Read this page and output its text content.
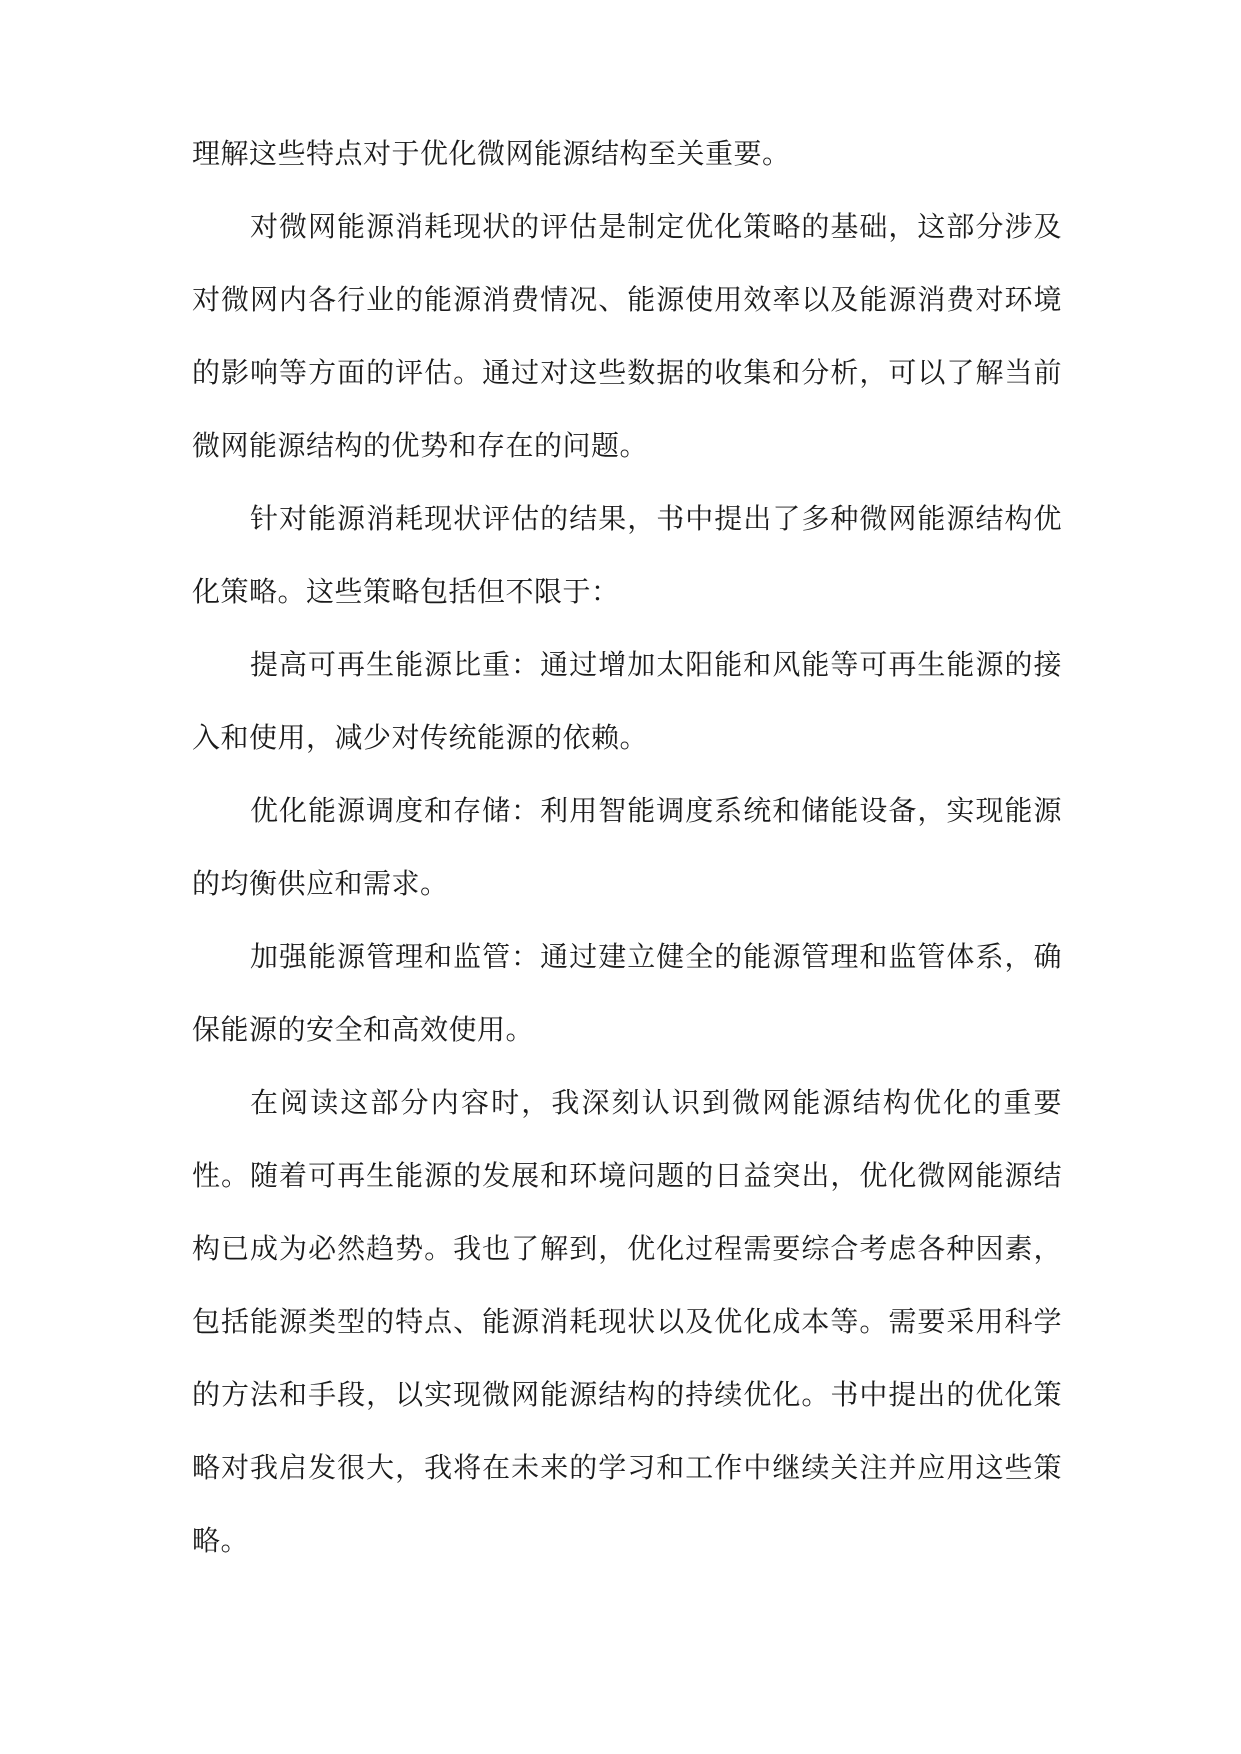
理解这些特点对于优化微网能源结构至关重要。

对微网能源消耗现状的评估是制定优化策略的基础，这部分涉及对微网内各行业的能源消费情况、能源使用效率以及能源消费对环境的影响等方面的评估。通过对这些数据的收集和分析，可以了解当前微网能源结构的优势和存在的问题。

针对能源消耗现状评估的结果，书中提出了多种微网能源结构优化策略。这些策略包括但不限于：

提高可再生能源比重：通过增加太阳能和风能等可再生能源的接入和使用，减少对传统能源的依赖。

优化能源调度和存储：利用智能调度系统和储能设备，实现能源的均衡供应和需求。

加强能源管理和监管：通过建立健全的能源管理和监管体系，确保能源的安全和高效使用。

在阅读这部分内容时，我深刻认识到微网能源结构优化的重要性。随着可再生能源的发展和环境问题的日益突出，优化微网能源结构已成为必然趋势。我也了解到，优化过程需要综合考虑各种因素，包括能源类型的特点、能源消耗现状以及优化成本等。需要采用科学的方法和手段，以实现微网能源结构的持续优化。书中提出的优化策略对我启发很大，我将在未来的学习和工作中继续关注并应用这些策略。
